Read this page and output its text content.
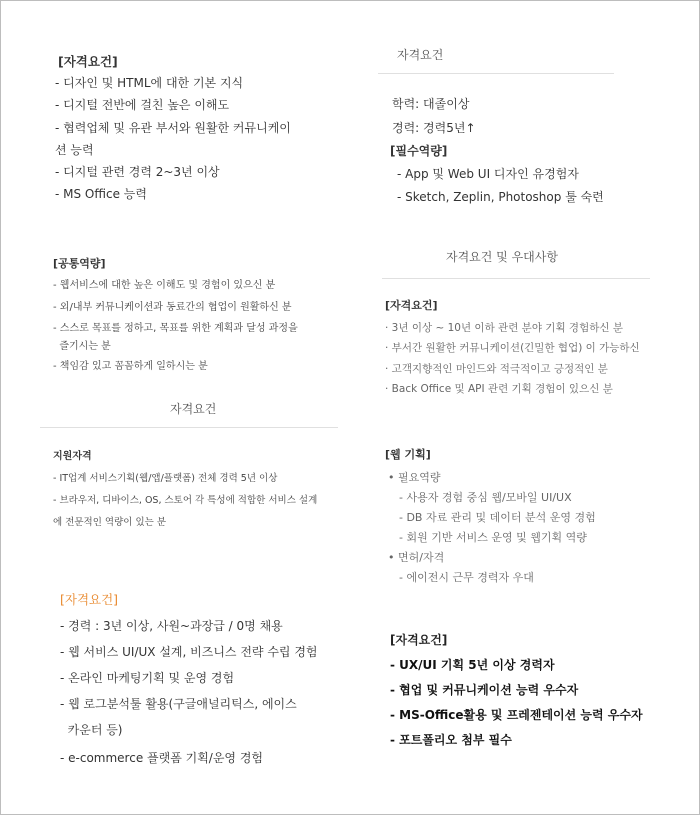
[자격요건]
- 디자인 및 HTML에 대한 기본 지식
- 디지털 전반에 걸친 높은 이해도
- 협력업체 및 유관 부서와 원활한 커뮤니케이
션 능력
- 디지털 관련 경력 2~3년 이상
- MS Office 능력
자격요건
학력: 대졸이상
경력: 경력5년↑
[필수역량]
- App 및 Web UI 디자인 유경험자
- Sketch, Zeplin, Photoshop 툴 숙련
[공통역량]
- 웹서비스에 대한 높은 이해도 및 경험이 있으신 분
- 외/내부 커뮤니케이션과 동료간의 협업이 원활하신 분
- 스스로 목표를 정하고, 목표를 위한 계획과 달성 과정을
즐기시는 분
- 책임감 있고 꼼꼼하게 일하시는 분
자격요건 및 우대사항
[자격요건]
· 3년 이상 ~ 10년 이하 관련 분야 기획 경험하신 분
· 부서간 원활한 커뮤니케이션(긴밀한 협업) 이 가능하신
· 고객지향적인 마인드와 적극적이고 긍정적인 분
· Back Office 및 API 관련 기획 경험이 있으신 분
자격요건
지원자격
- IT업계 서비스기획(웹/앱/플랫폼) 전체 경력 5년 이상
- 브라우저, 디바이스, OS, 스토어 각 특성에 적합한 서비스 설계
에 전문적인 역량이 있는 분
[웹 기획]
• 필요역량
- 사용자 경험 중심 웹/모바일 UI/UX
- DB 자료 관리 및 데이터 분석 운영 경험
- 회원 기반 서비스 운영 및 웹기획 역량
• 면허/자격
- 에이전시 근무 경력자 우대
[자격요건]
- 경력 : 3년 이상, 사원~과장급 / 0명 채용
- 웹 서비스 UI/UX 설계, 비즈니스 전략 수립 경험
- 온라인 마케팅기획 및 운영 경험
- 웹 로그분석툴 활용(구글애널리틱스, 에이스
카운터 등)
- e-commerce 플랫폼 기획/운영 경험
[자격요건]
- UX/UI 기획 5년 이상 경력자
- 협업 및 커뮤니케이션 능력 우수자
- MS-Office활용 및 프레젠테이션 능력 우수자
- 포트폴리오 첨부 필수
